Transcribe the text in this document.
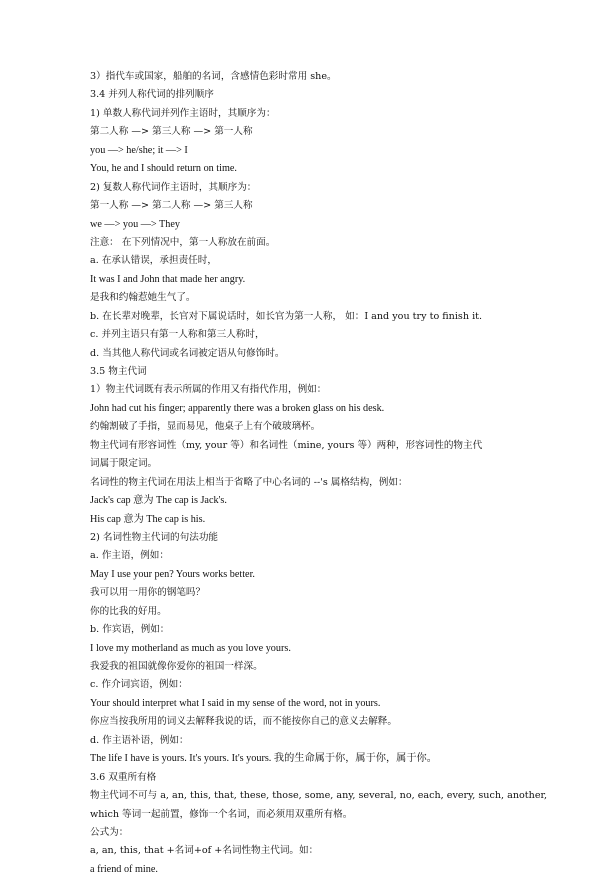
3）指代车或国家，船舶的名词，含感情色彩时常用 she。
3.4 并列人称代词的排列顺序
1) 单数人称代词并列作主语时，其顺序为：
第二人称 —> 第三人称 —> 第一人称
you —> he/she; it —> I
You, he and I should return on time.
2) 复数人称代词作主语时，其顺序为：
第一人称 —> 第二人称 —> 第三人称
we —> you —> They
注意： 在下列情况中，第一人称放在前面。
a. 在承认错误，承担责任时，
It was I and John that made her angry.
是我和约翰惹她生气了。
b. 在长辈对晚辈，长官对下属说话时，如长官为第一人称， 如：I and you try to finish it.
c. 并列主语只有第一人称和第三人称时，
d. 当其他人称代词或名词被定语从句修饰时。
3.5 物主代词
1）物主代词既有表示所属的作用又有指代作用，例如：
John had cut his finger; apparently there was a broken glass on his desk.
约翰割破了手指，显而易见，他桌子上有个破玻璃杯。
物主代词有形容词性（my, your 等）和名词性（mine, yours 等）两种，形容词性的物主代
词属于限定词。
名词性的物主代词在用法上相当于省略了中心名词的 --'s 属格结构，例如：
Jack's cap 意为 The cap is Jack's.
His cap 意为 The cap is his.
2) 名词性物主代词的句法功能
a. 作主语，例如：
May I use your pen? Yours works better.
我可以用一用你的钢笔吗？
你的比我的好用。
b. 作宾语，例如：
I love my motherland as much as you love yours.
我爱我的祖国就像你爱你的祖国一样深。
c. 作介词宾语，例如：
Your should interpret what I said in my sense of the word, not in yours.
你应当按我所用的词义去解释我说的话，而不能按你自己的意义去解释。
d. 作主语补语，例如：
The life I have is yours. It's yours. It's yours. 我的生命属于你，属于你，属于你。
3.6 双重所有格
物主代词不可与 a, an, this, that, these, those, some, any, several, no, each, every, such, another,
which 等词一起前置，修饰一个名词，而必须用双重所有格。
公式为：
a, an, this, that +名词+of +名词性物主代词。如：
a friend of mine.
